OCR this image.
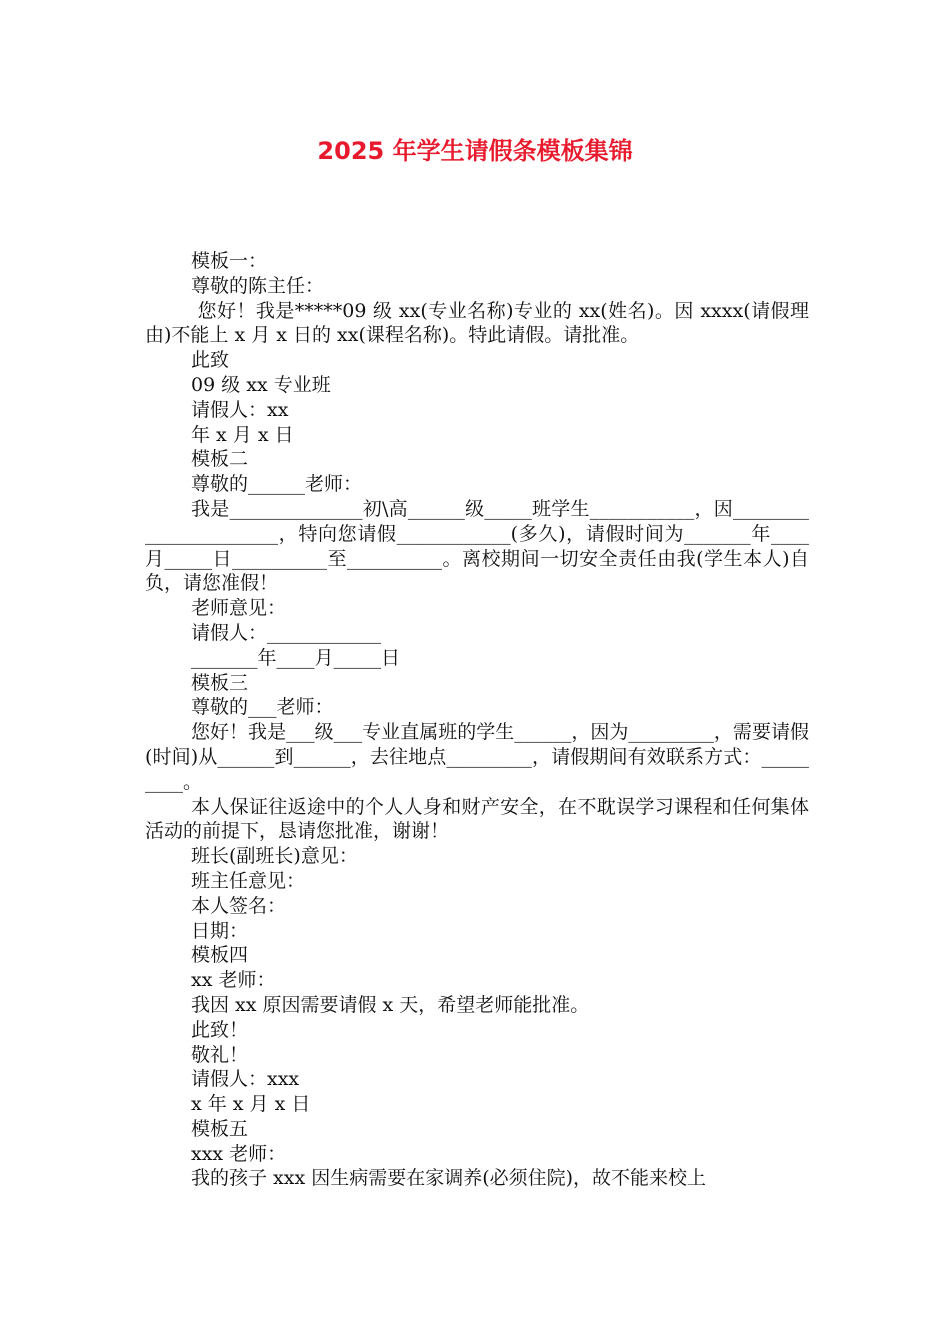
2025 年学生请假条模板集锦

模板一：

尊敬的陈主任：

您好！我是*****09 级 xx(专业名称)专业的 xx(姓名)。因 xxxx(请假理由)不能上 x 月 x 日的 xx(课程名称)。特此请假。请批准。

此致

09 级 xx 专业班

请假人：xx

年 x 月 x 日

模板二

尊敬的______老师：

我是______________初\高______级_____班学生___________，因______________________，特向您请假____________(多久)，请假时间为_______年____月_____日__________至__________。离校期间一切安全责任由我(学生本人)自负，请您准假！

老师意见：

请假人：____________

_______年____月_____日

模板三

尊敬的___老师：

您好！我是___级___专业直属班的学生______，因为_________，需要请假(时间)从______到______，去往地点_________，请假期间有效联系方式：_________。

本人保证往返途中的个人人身和财产安全，在不耽误学习课程和任何集体活动的前提下，恳请您批准，谢谢！

班长(副班长)意见：

班主任意见：

本人签名：

日期：

模板四

xx 老师：

我因 xx 原因需要请假 x 天，希望老师能批准。

此致！

敬礼！

请假人：xxx

x 年 x 月 x 日

模板五

xxx 老师：

我的孩子 xxx 因生病需要在家调养(必须住院)，故不能来校上
